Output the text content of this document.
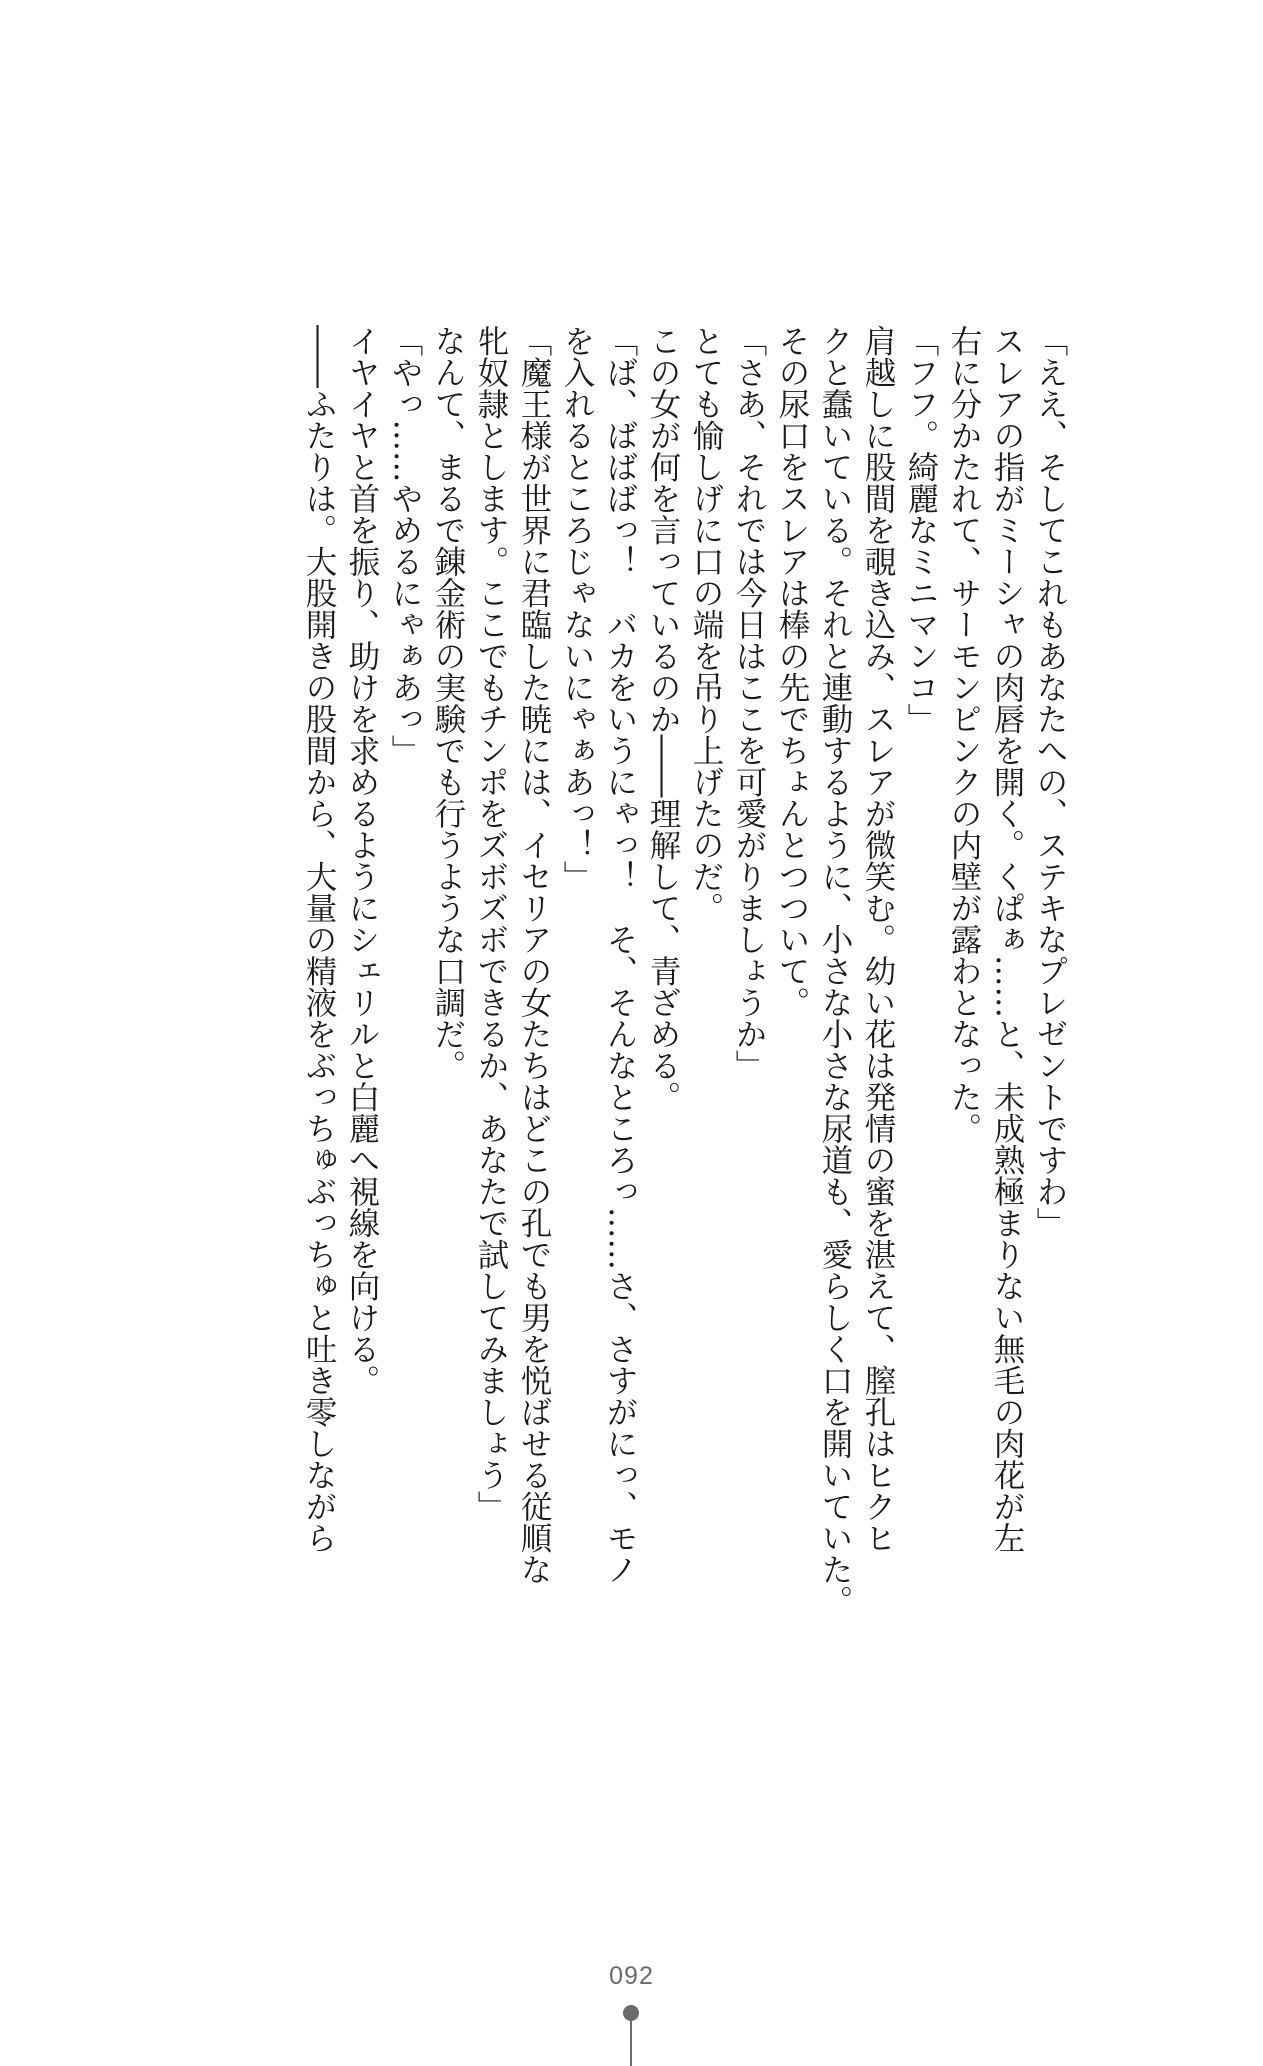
「ええ、そしてこれもあなたへの、ステキなプレゼントですわ」
スレアの指がミーシャの肉唇を開く。くぱぁ……と、未成熟極まりない無毛の肉花が左
右に分かたれて、サーモンピンクの内壁が露わとなった。
「フフ。綺麗なミニマンコ」
肩越しに股間を覗き込み、スレアが微笑む。幼い花は発情の蜜を湛えて、膣孔はヒクヒ
クと蠢いている。それと連動するように、小さな小さな尿道も、愛らしく口を開いていた。
その尿口をスレアは棒の先でちょんとつついて。
「さあ、それでは今日はここを可愛がりましょうか」
とても愉しげに口の端を吊り上げたのだ。
この女が何を言っているのか――理解して、青ざめる。
「ば、ばばばっ！　バカをいうにゃっ！　そ、そんなところっ……さ、さすがにっ、モノ
を入れるところじゃないにゃぁあっ！」
「魔王様が世界に君臨した暁には、イセリアの女たちはどこの孔でも男を悦ばせる従順な
牝奴隷とします。ここでもチンポをズボズボできるか、あなたで試してみましょう」
なんて、まるで錬金術の実験でも行うような口調だ。
「やっ……やめるにゃぁあっ」
イヤイヤと首を振り、助けを求めるようにシェリルと白麗へ視線を向ける。
――ふたりは。大股開きの股間から、大量の精液をぶっちゅぶっちゅと吐き零しながら
092
